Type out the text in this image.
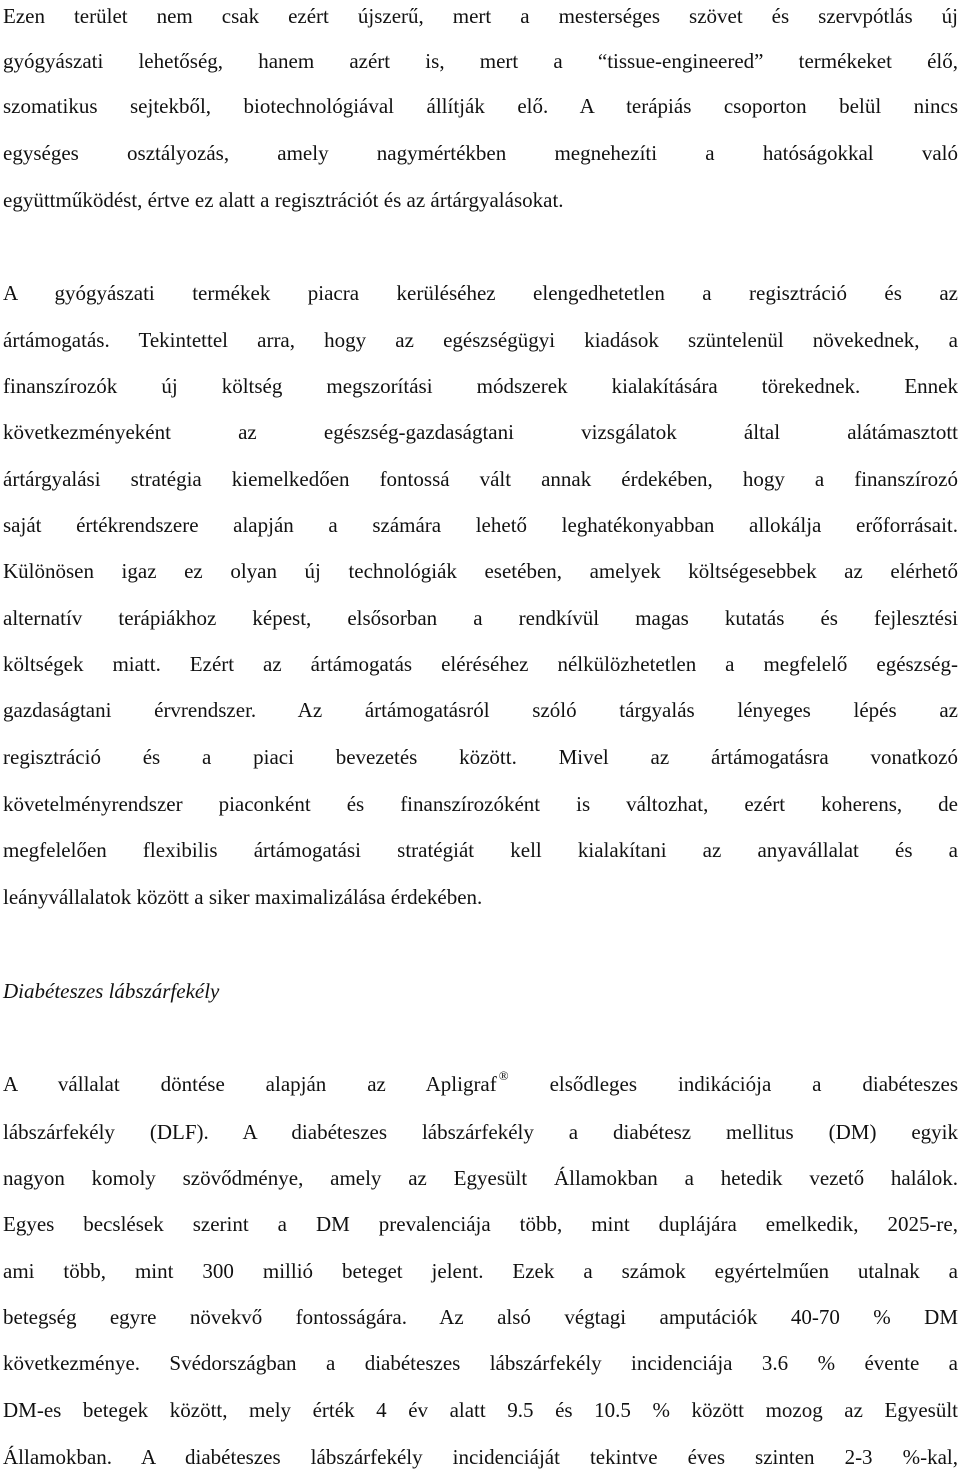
Ezen terület nem csak ezért újszerű, mert a mesterséges szövet és szervpótlás új
gyógyászati lehetőség, hanem azért is, mert a “tissue-engineered” termékeket élő,
szomatikus sejtekből, biotechnológiával állítják elő. A terápiás csoporton belül nincs
egységes osztályozás, amely nagymértékben megnehezíti a hatóságokkal való
együttműködést, értve ez alatt a regisztrációt és az ártárgyalásokat.
A gyógyászati termékek piacra kerüléséhez elengedhetetlen a regisztráció és az
ártámogatás. Tekintettel arra, hogy az egészségügyi kiadások szüntelenül növekednek, a
finanszírozók új költség megszorítási módszerek kialakítására törekednek. Ennek
következményeként az egészség-gazdaságtani vizsgálatok által alátámasztott
ártárgyalási stratégia kiemelkedően fontossá vált annak érdekében, hogy a finanszírozó
saját értékrendszere alapján a számára lehető leghatékonyabban allokálja erőforrásait.
Különösen igaz ez olyan új technológiák esetében, amelyek költségesebbek az elérhető
alternatív terápiákhoz képest, elsősorban a rendkívül magas kutatás és fejlesztési
költségek miatt. Ezért az ártámogatás eléréséhez nélkülözhetetlen a megfelelő egészség-
gazdaságtani érvrendszer. Az ártámogatásról szóló tárgyalás lényeges lépés az
regisztráció és a piaci bevezetés között. Mivel az ártámogatásra vonatkozó
követelményrendszer piaconként és finanszírozóként is változhat, ezért koherens, de
megfelelően flexibilis ártámogatási stratégiát kell kialakítani az anyavállalat és a
leányvállalatok között a siker maximalizálása érdekében.
Diabéteszes lábszárfekély
A vállalat döntése alapján az Apligraf ® elsődleges indikációja a diabéteszes
lábszárfekély (DLF). A diabéteszes lábszárfekély a diabétesz mellitus (DM) egyik
nagyon komoly szövődménye, amely az Egyesült Államokban a hetedik vezető halálok.
Egyes becslések szerint a DM prevalenciája több, mint duplájára emelkedik, 2025-re,
ami több, mint 300 millió beteget jelent. Ezek a számok egyértelműen utalnak a
betegség egyre növekvő fontosságára. Az alsó végtagi amputációk 40-70 % DM
következménye. Svédországban a diabéteszes lábszárfekély incidenciája 3.6 % évente a
DM-es betegek között, mely érték 4 év alatt 9.5 és 10.5 % között mozog az Egyesült
Államokban. A diabéteszes lábszárfekély incidenciáját tekintve éves szinten 2-3 %-kal,
